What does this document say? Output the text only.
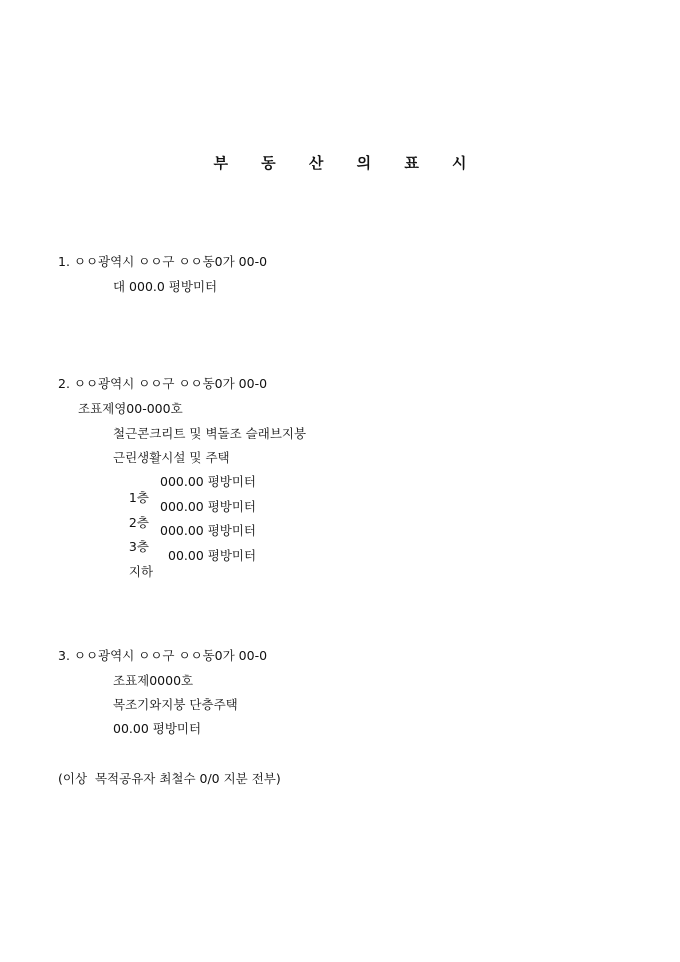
부 동 산 의 표 시
1. ㅇㅇ광역시 ㅇㅇ구 ㅇㅇ동0가 00-0
대 000.0 평방미터
2. ㅇㅇ광역시 ㅇㅇ구 ㅇㅇ동0가 00-0
조표제영00-000호
철근콘크리트 및 벽돌조 슬래브지붕
근린생활시설 및 주택

1층

000.00 평방미터

2층

000.00 평방미터

3층

000.00 평방미터

지하

00.00 평방미터
3. ㅇㅇ광역시 ㅇㅇ구 ㅇㅇ동0가 00-0
조표제0000호
목조기와지붕 단층주택
00.00 평방미터
(이상  목적공유자 최철수 0/0 지분 전부)
